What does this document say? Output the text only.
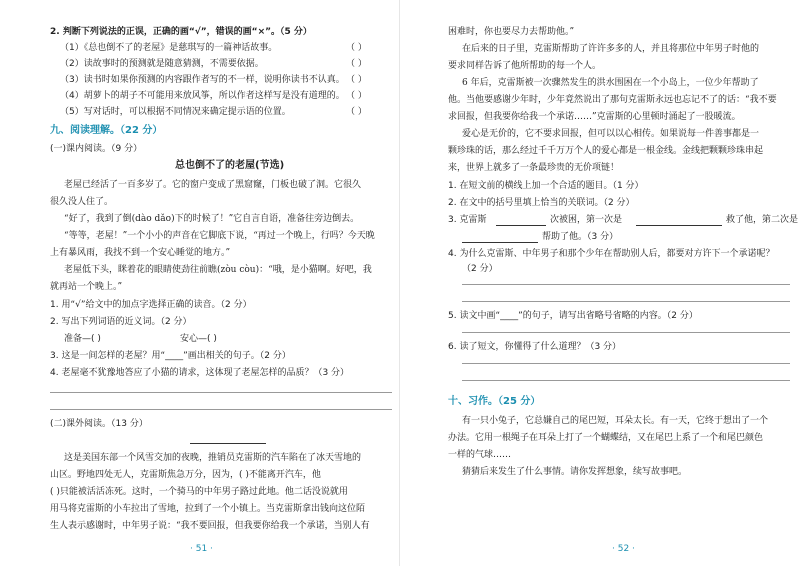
2. 判断下列说法的正误，正确的画“√”，错误的画“×”。（5 分）
（1）《总也倒不了的老屋》是慈琪写的一篇神话故事。	（ ）
（2）读故事时的预测就是随意猜测，不需要依据。	（ ）
（3）读书时如果你预测的内容跟作者写的不一样，说明你读书不认真。 （ ）
（4）胡萝卜的胡子不可能用来放风筝，所以作者这样写是没有道理的。 （ ）
（5）写对话时，可以根据不同情况来确定提示语的位置。	（ ）
九、阅读理解。（22 分）
(一)课内阅读。（9 分）
总也倒不了的老屋(节选)
老屋已经活了一百多岁了。它的窗户变成了黑窟窿，门板也破了洞。它很久
很久没人住了。
“好了，我到了倒(dào dǎo)下的时候了！”它自言自语，准备往旁边倒去。
“等等，老屋！”一个小小的声音在它脚底下说，“再过一个晚上，行吗？今天晚
上有暴风雨，我找不到一个安心睡觉的地方。”
老屋低下头，眯着花的眼睛使劲往前瞧(zòu còu)：“哦，是小猫啊。好吧，我
就再站一个晚上。”
1. 用“√”给文中的加点字选择正确的读音。（2 分）
2. 写出下列词语的近义词。（2 分）
准备—( )	安心—( )
3. 这是一间怎样的老屋？用“____”画出相关的句子。（2 分）
4. 老屋毫不犹豫地答应了小猫的请求，这体现了老屋怎样的品质？（3 分）
(二)课外阅读。（13 分）
这是美国东部一个风雪交加的夜晚，推销员克雷斯的汽车陷在了冰天雪地的
山区。野地四处无人，克雷斯焦急万分，因为，( )不能离开汽车，他
( )只能被活活冻死。这时，一个骑马的中年男子路过此地。他二话没说就用
用马将克雷斯的小车拉出了雪地，拉到了一个小镇上。当克雷斯拿出钱向这位陌
生人表示感谢时，中年男子说：“我不要回报，但我要你给我一个承诺，当别人有
· 51 ·
困难时，你也要尽力去帮助他。”
在后来的日子里，克雷斯帮助了许许多多的人，并且将那位中年男子时他的
要求同样告诉了他所帮助的每一个人。
6 年后，克雷斯被一次骤然发生的洪水围困在一个小岛上，一位少年帮助了
他。当他要感谢少年时，少年竟然说出了那句克雷斯永远也忘记不了的话：“我不要
求回报，但我要你给我一个承诺……”克雷斯的心里顿时涌起了一股暖流。
爱心是无价的，它不要求回报，但可以以心相传。如果说每一件善事都是一
颗珍珠的话，那么经过千千万万个人的爱心都是一根金线。金线把颗颗珍珠串起
来，世界上就多了一条最珍贵的无价项链！
1. 在短文前的横线上加一个合适的题目。（1 分）
2. 在文中的括号里填上恰当的关联词。（2 分）
3. 克雷斯	次被困，第一次是	救了他，第二次是
帮助了他。（3 分）
4. 为什么克雷斯、中年男子和那个少年在帮助别人后，都要对方许下一个承诺呢？
（2 分）
5. 读文中画“____”的句子，请写出省略号省略的内容。（2 分）
6. 读了短文，你懂得了什么道理？（3 分）
十、习作。（25 分）
有一只小兔子，它总嫌自己的尾巴短，耳朵太长。有一天，它终于想出了一个
办法。它用一根绳子在耳朵上打了一个蝴蝶结，又在尾巴上系了一个和尾巴颜色
一样的气球……
猜猜后来发生了什么事情。请你发挥想象，续写故事吧。
· 52 ·
